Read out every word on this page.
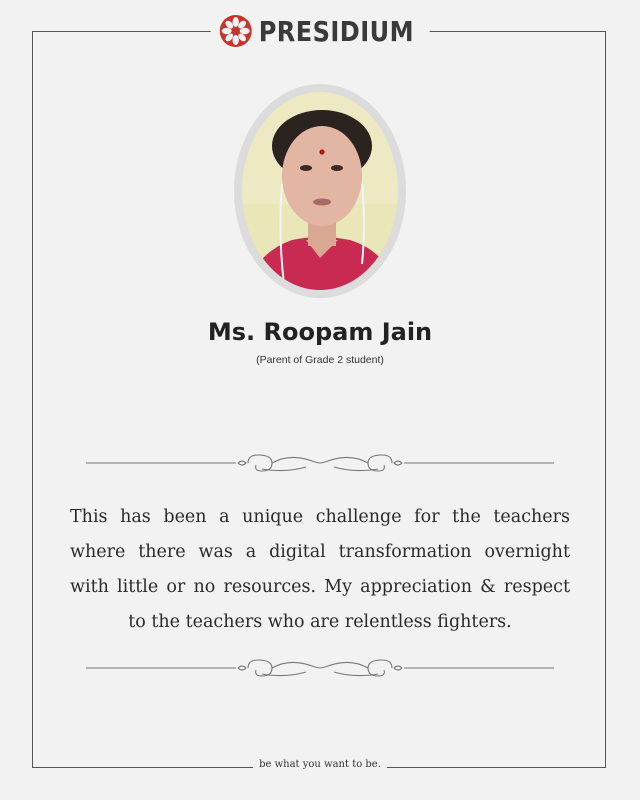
PRESIDIUM
Ms. Roopam Jain
(Parent of Grade 2 student)
This has been a unique challenge for the teachers where there was a digital transformation overnight with little or no resources. My appreciation & respect to the teachers who are relentless fighters.
be what you want to be.
